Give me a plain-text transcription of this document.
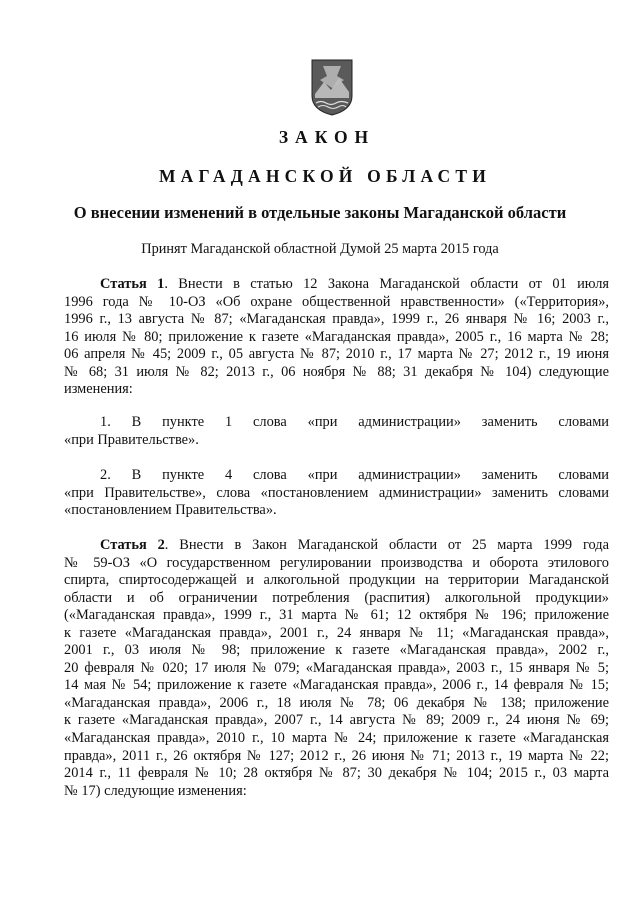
ЗАКОН
МАГАДАНСКОЙ ОБЛАСТИ
О внесении изменений в отдельные законы Магаданской области
Принят Магаданской областной Думой 25 марта 2015 года

Статья 1. Внести в статью 12 Закона Магаданской области от 01 июля
1996 года № 10-ОЗ «Об охране общественной нравственности» («Территория»,
1996 г., 13 августа № 87; «Магаданская правда», 1999 г., 26 января № 16; 2003 г.,
16 июля № 80; приложение к газете «Магаданская правда», 2005 г., 16 марта № 28;
06 апреля № 45; 2009 г., 05 августа № 87; 2010 г., 17 марта № 27; 2012 г., 19 июня
№ 68; 31 июля № 82; 2013 г., 06 ноября № 88; 31 декабря № 104) следующие
изменения:

1. В пункте 1 слова «при администрации» заменить словами
«при Правительстве».

2. В пункте 4 слова «при администрации» заменить словами
«при Правительстве», слова «постановлением администрации» заменить словами
«постановлением Правительства».

Статья 2. Внести в Закон Магаданской области от 25 марта 1999 года
№ 59-ОЗ «О государственном регулировании производства и оборота этилового
спирта, спиртосодержащей и алкогольной продукции на территории Магаданской
области и об ограничении потребления (распития) алкогольной продукции»
(«Магаданская правда», 1999 г., 31 марта № 61; 12 октября № 196; приложение
к газете «Магаданская правда», 2001 г., 24 января № 11; «Магаданская правда»,
2001 г., 03 июля № 98; приложение к газете «Магаданская правда», 2002 г.,
20 февраля № 020; 17 июля № 079; «Магаданская правда», 2003 г., 15 января № 5;
14 мая № 54; приложение к газете «Магаданская правда», 2006 г., 14 февраля № 15;
«Магаданская правда», 2006 г., 18 июля № 78; 06 декабря № 138; приложение
к газете «Магаданская правда», 2007 г., 14 августа № 89; 2009 г., 24 июня № 69;
«Магаданская правда», 2010 г., 10 марта № 24; приложение к газете «Магаданская
правда», 2011 г., 26 октября № 127; 2012 г., 26 июня № 71; 2013 г., 19 марта № 22;
2014 г., 11 февраля № 10; 28 октября № 87; 30 декабря № 104; 2015 г., 03 марта
№ 17) следующие изменения:
